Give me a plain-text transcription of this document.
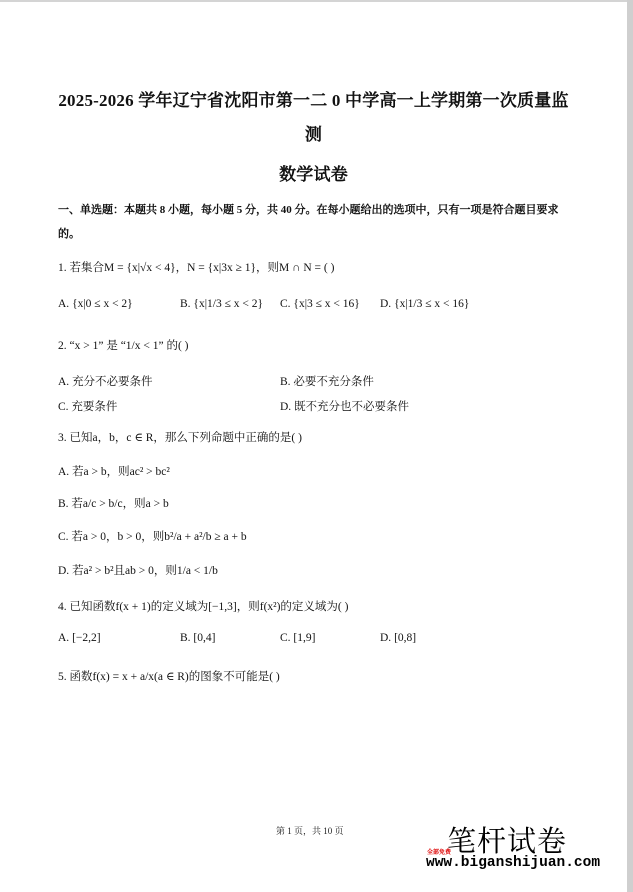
2025-2026 学年辽宁省沈阳市第一二 0 中学高一上学期第一次质量监
测
数学试卷
一、单选题：本题共 8 小题，每小题 5 分，共 40 分。在每小题给出的选项中，只有一项是符合题目要求
的。
1. 若集合M = {x|√x < 4}，N = {x|3x ≥ 1}，则M ∩ N = ( )
A. {x|0 ≤ x < 2}	B. {x|1/3 ≤ x < 2} C. {x|3 ≤ x < 16} D. {x|1/3 ≤ x < 16}
2. “x > 1” 是 “1/x < 1” 的( )
A. 充分不必要条件	B. 必要不充分条件
C. 充要条件	D. 既不充分也不必要条件
3. 已知a，b，c ∈ R，那么下列命题中正确的是( )
A. 若a > b，则ac² > bc²
B. 若a/c > b/c，则a > b
C. 若a > 0，b > 0，则b²/a + a²/b ≥ a + b
D. 若a² > b²且ab > 0，则1/a < 1/b
4. 已知函数f(x + 1)的定义域为[−1,3]，则f(x²)的定义域为( )
A. [−2,2]	B. [0,4]	C. [1,9]	D. [0,8]
5. 函数f(x) = x + a/x(a ∈ R)的图象不可能是( )
第 1 页，共 10 页	笔杆试卷
全部免费
www.biganshijuan.com
